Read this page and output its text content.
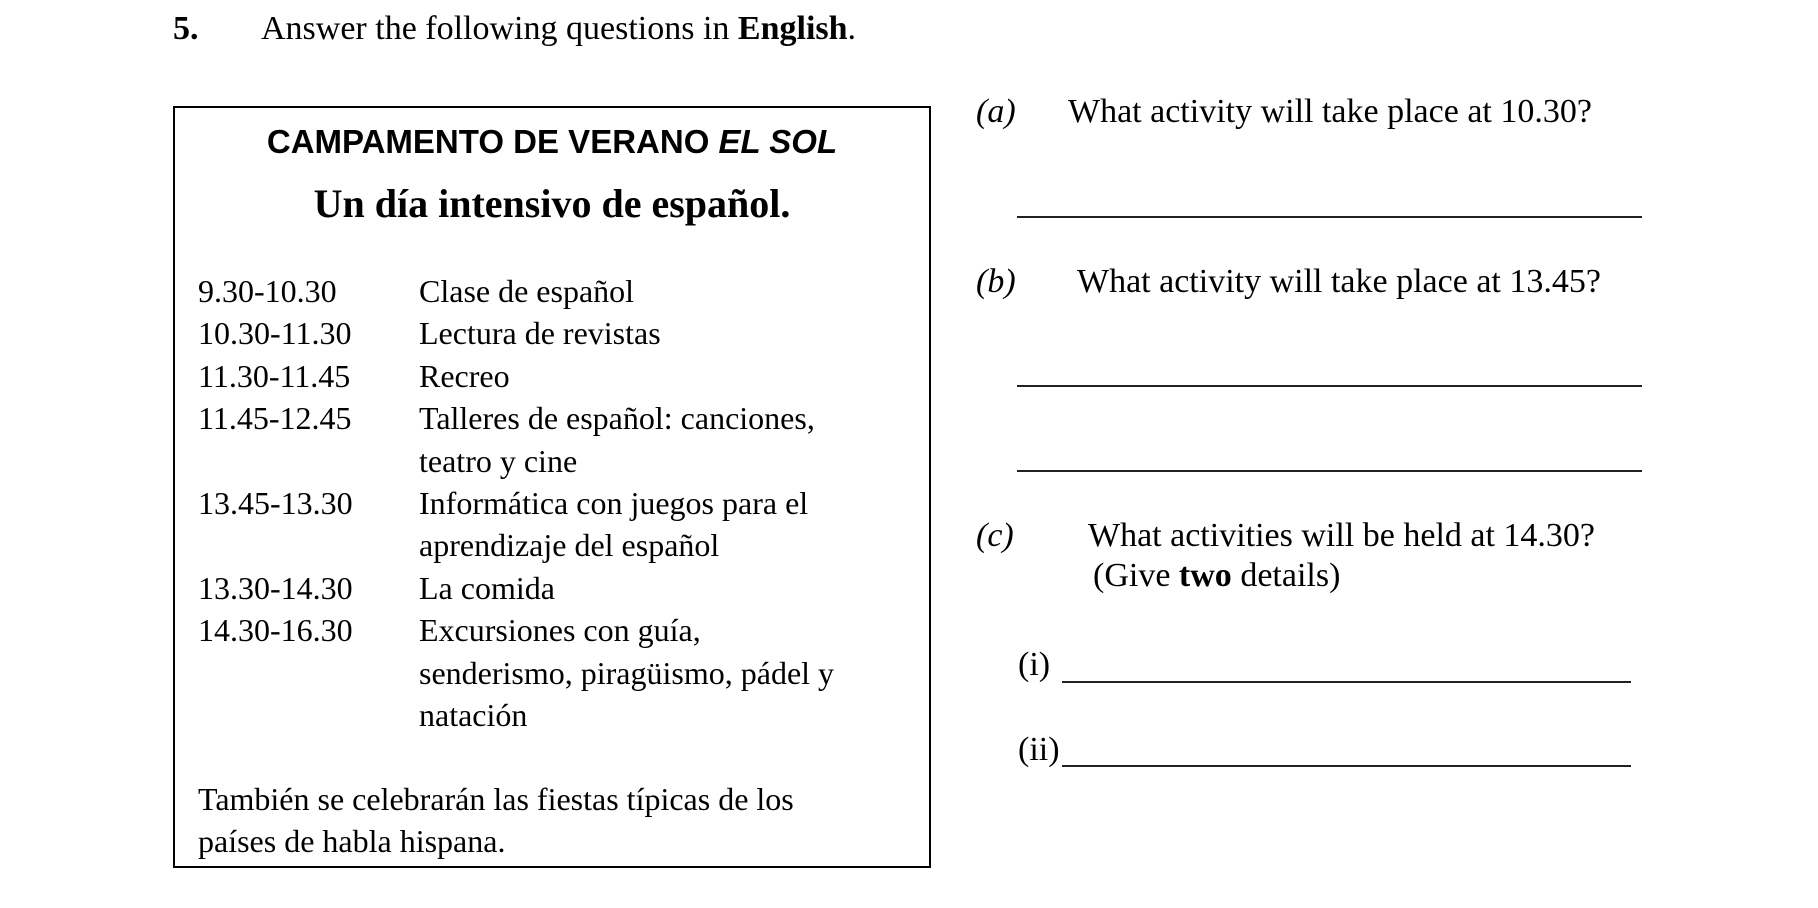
5. Answer the following questions in English.
CAMPAMENTO DE VERANO EL SOL
Un día intensivo de español.
9.30-10.30	Clase de español
10.30-11.30	Lectura de revistas
11.30-11.45	Recreo
11.45-12.45	Talleres de español: canciones,
teatro y cine
13.45-13.30	Informática con juegos para el
aprendizaje del español
13.30-14.30	La comida
14.30-16.30	Excursiones con guía,
senderismo, piragüismo, pádel y
natación
También se celebrarán las fiestas típicas de los
países de habla hispana.
(a) What activity will take place at 10.30?
(b) What activity will take place at 13.45?
(c) What activities will be held at 14.30?
(Give two details)
(i)
(ii)
